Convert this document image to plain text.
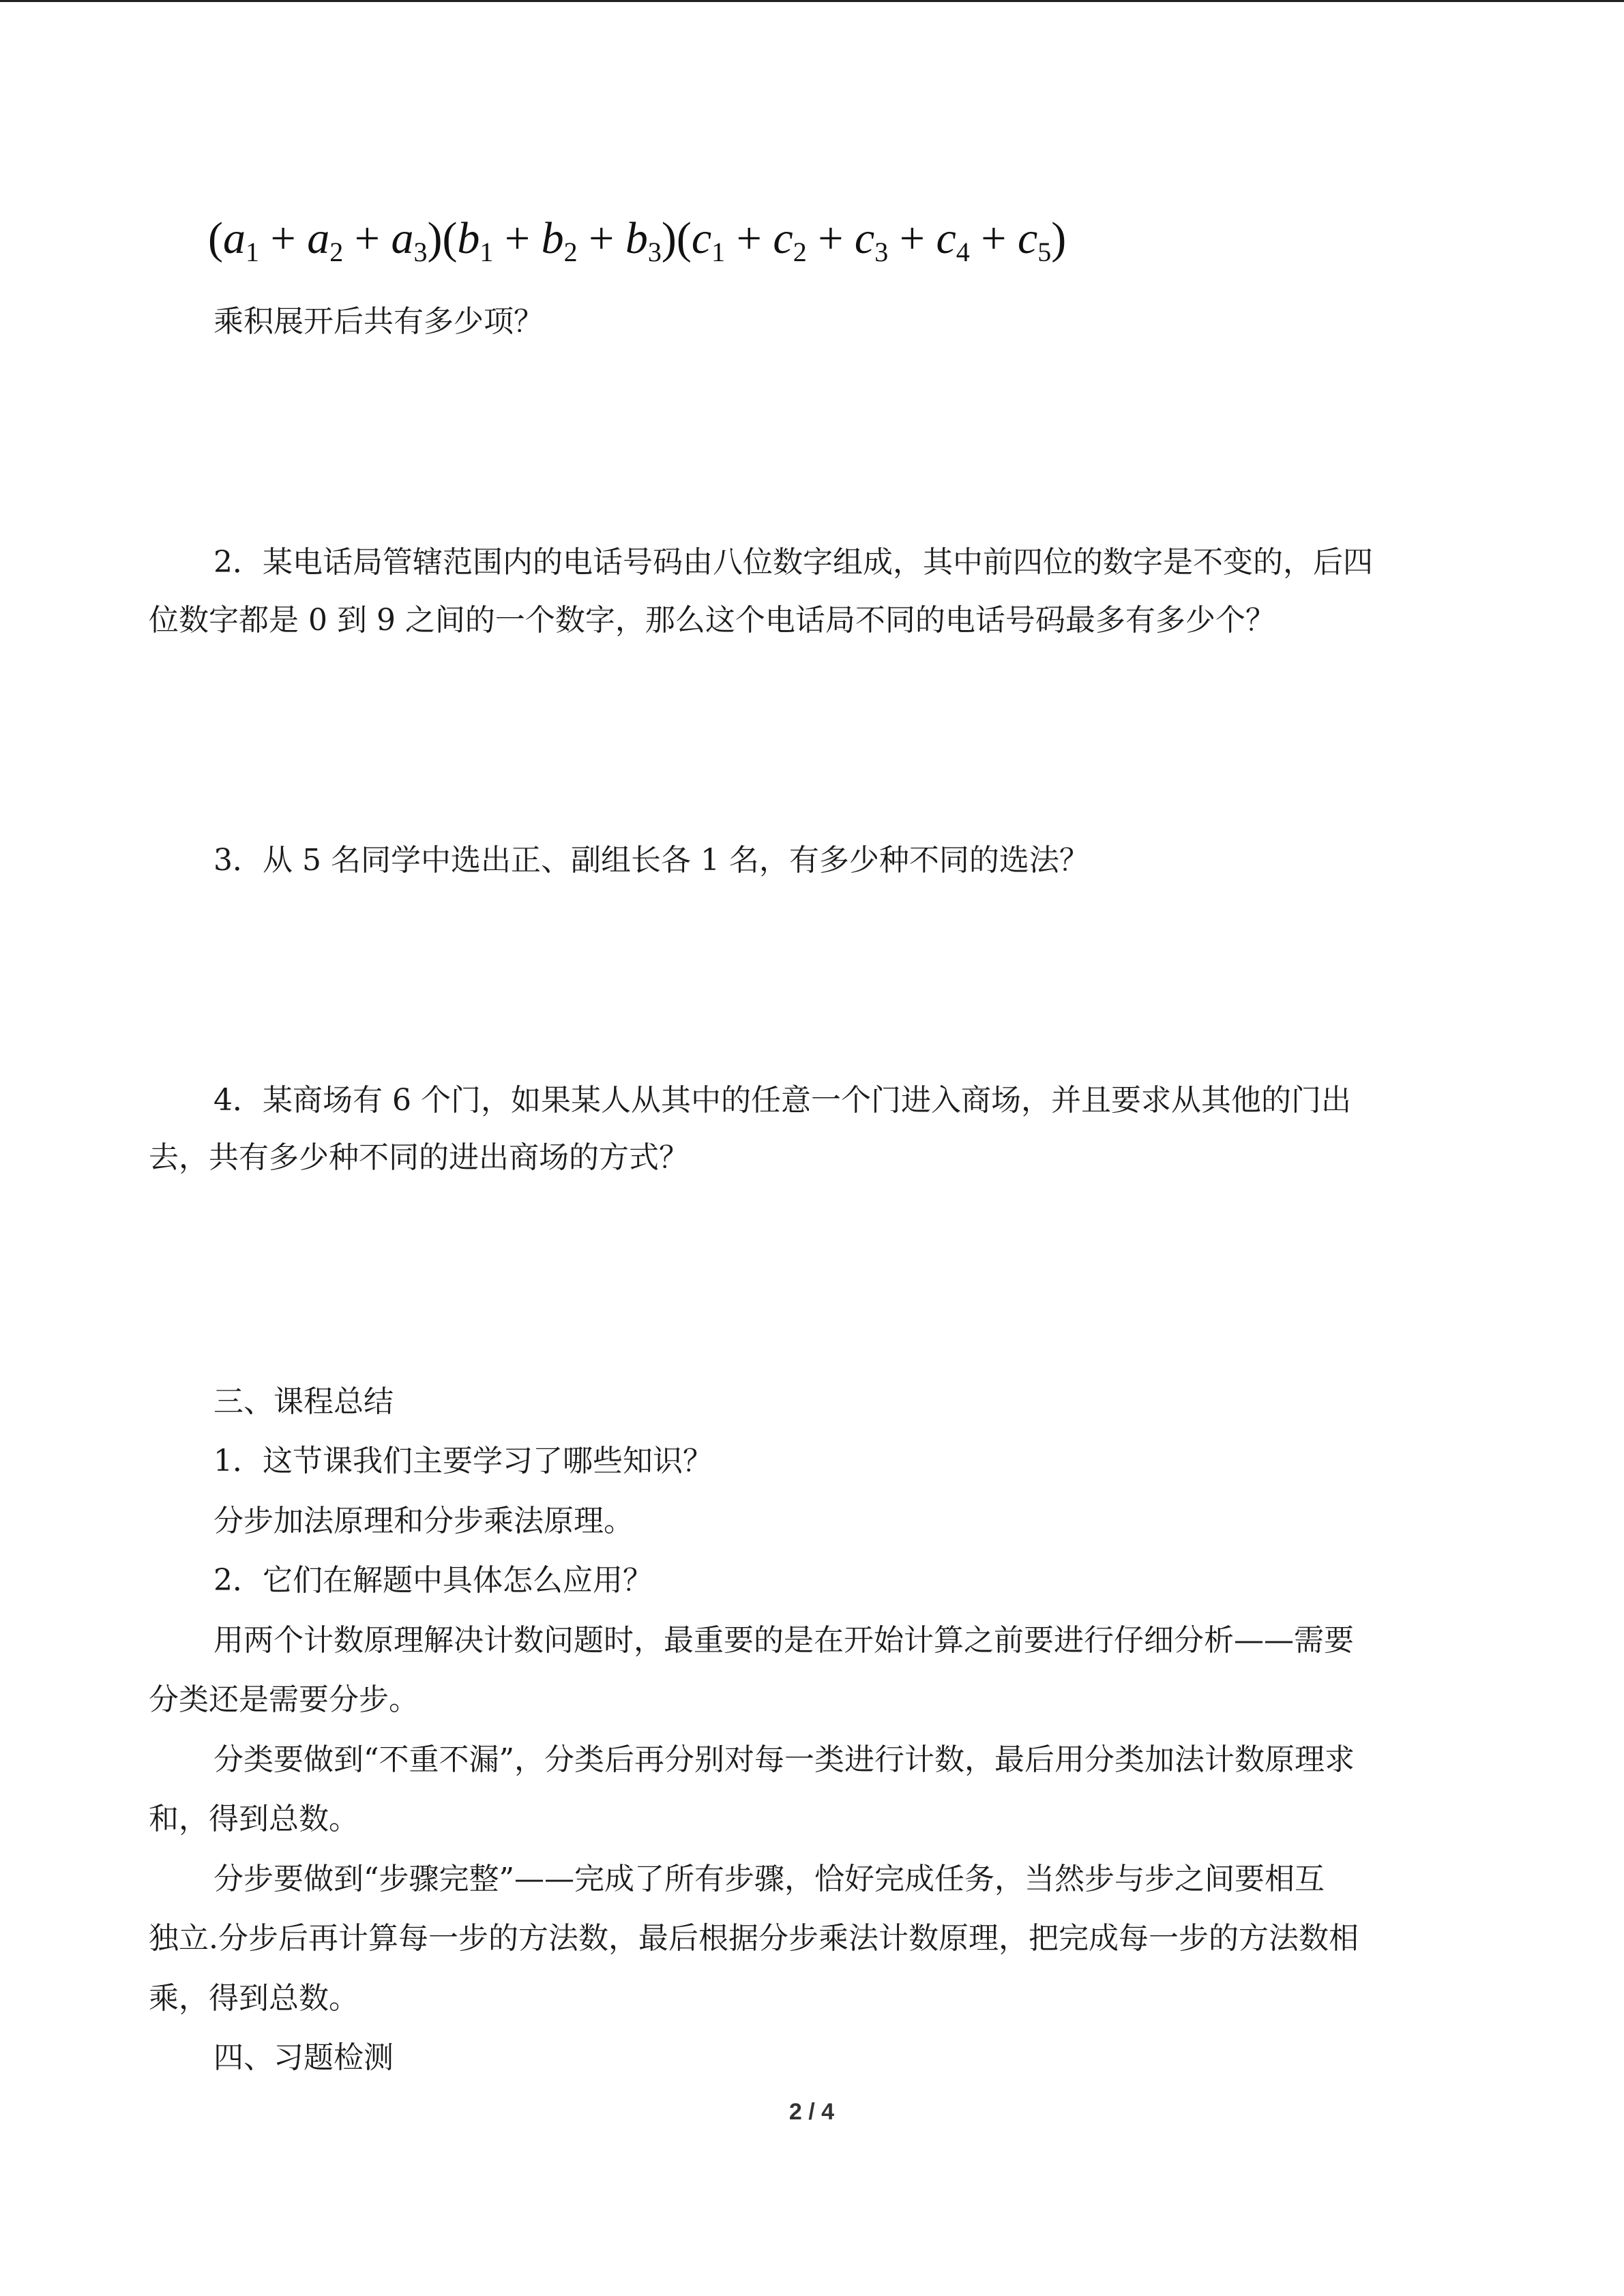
$(a_1 + a_2 + a_3)(b_1 + b_2 + b_3)(c_1 + c_2 + c_3 + c_4 + c_5)$
乘积展开后共有多少项？
2．某电话局管辖范围内的电话号码由八位数字组成，其中前四位的数字是不变的，后四
位数字都是 0 到 9 之间的一个数字，那么这个电话局不同的电话号码最多有多少个？
3．从 5 名同学中选出正、副组长各 1 名，有多少种不同的选法？
4．某商场有 6 个门，如果某人从其中的任意一个门进入商场，并且要求从其他的门出
去，共有多少种不同的进出商场的方式？
三、课程总结
1．这节课我们主要学习了哪些知识？
分步加法原理和分步乘法原理。
2．它们在解题中具体怎么应用？
用两个计数原理解决计数问题时，最重要的是在开始计算之前要进行仔细分析——需要
分类还是需要分步。
分类要做到“不重不漏”，分类后再分别对每一类进行计数，最后用分类加法计数原理求
和，得到总数。
分步要做到“步骤完整”——完成了所有步骤，恰好完成任务，当然步与步之间要相互
独立.分步后再计算每一步的方法数，最后根据分步乘法计数原理，把完成每一步的方法数相
乘，得到总数。
四、习题检测
2 / 4
